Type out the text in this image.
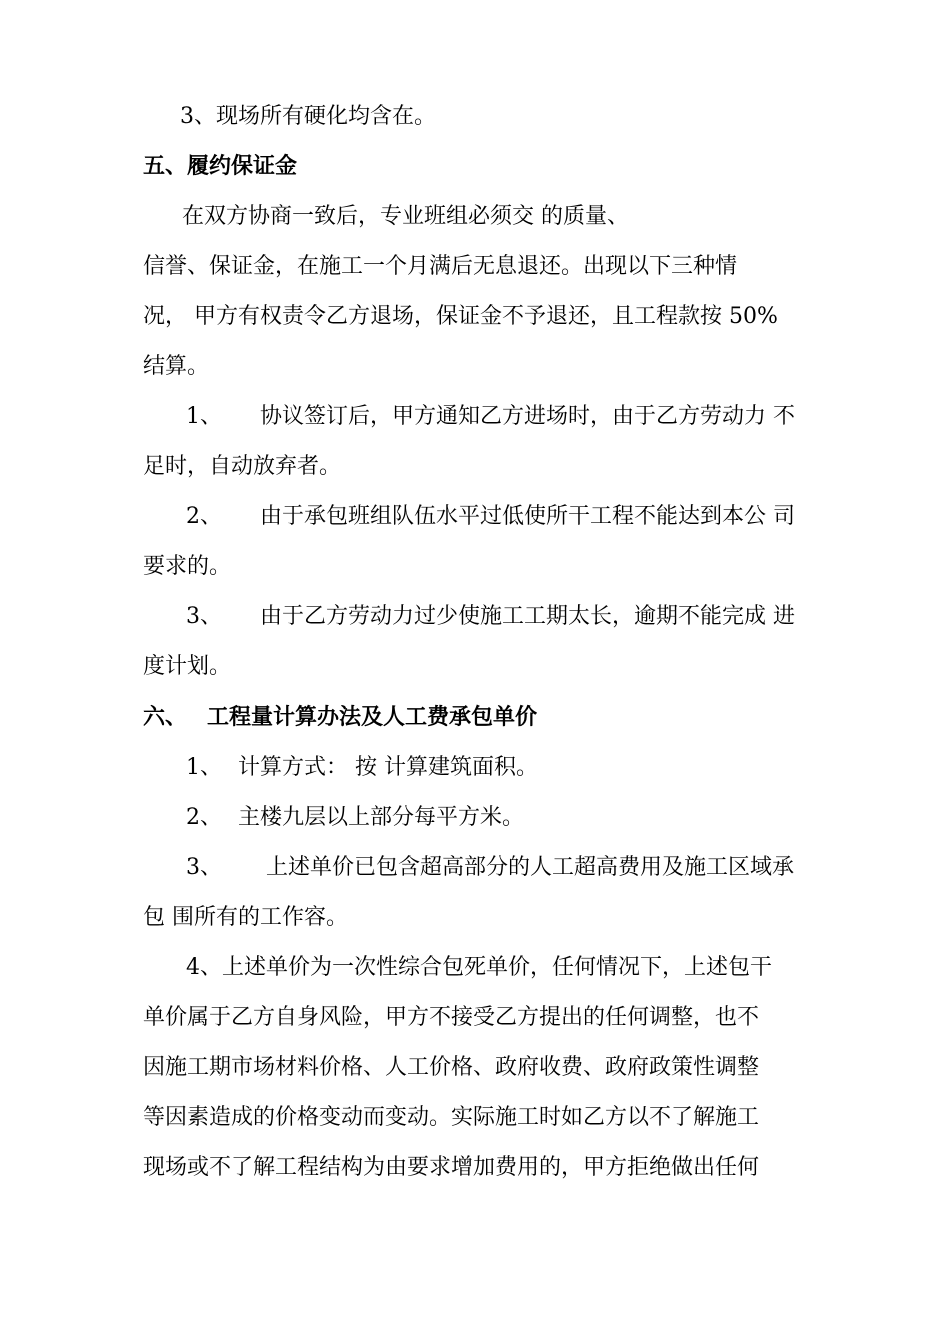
3、现场所有硬化均含在。

五、履约保证金

在双方协商一致后，专业班组必须交 的质量、

信誉、保证金，在施工一个月满后无息退还。出现以下三种情

况， 甲方有权责令乙方退场，保证金不予退还，且工程款按 50%

结算。

1、 协议签订后，甲方通知乙方进场时，由于乙方劳动力 不

足时，自动放弃者。

2、 由于承包班组队伍水平过低使所干工程不能达到本公 司

要求的。

3、 由于乙方劳动力过少使施工工期太长，逾期不能完成 进

度计划。

六、 工程量计算办法及人工费承包单价

1、 计算方式： 按 计算建筑面积。

2、 主楼九层以上部分每平方米。

3、 上述单价已包含超高部分的人工超高费用及施工区域承

包 围所有的工作容。

4、上述单价为一次性综合包死单价，任何情况下，上述包干

单价属于乙方自身风险，甲方不接受乙方提出的任何调整，也不

因施工期市场材料价格、人工价格、政府收费、政府政策性调整

等因素造成的价格变动而变动。实际施工时如乙方以不了解施工

现场或不了解工程结构为由要求增加费用的，甲方拒绝做出任何
